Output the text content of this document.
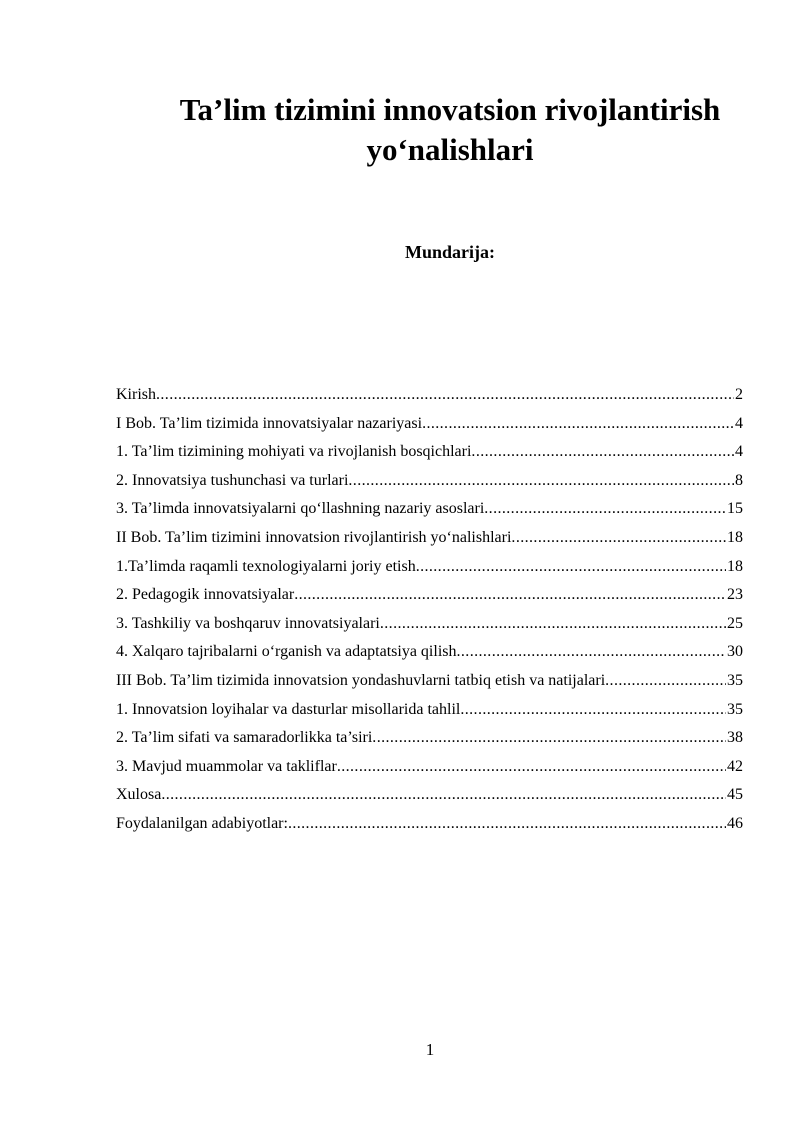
Ta’lim tizimini innovatsion rivojlantirish
yo‘nalishlari
Mundarija:
Kirish .....	2
I Bob. Ta’lim tizimida innovatsiyalar nazariyasi .....	4
1. Ta’lim tizimining mohiyati va rivojlanish bosqichlari .....	4
2. Innovatsiya tushunchasi va turlari .....	8
3. Ta’limda innovatsiyalarni qo‘llashning nazariy asoslari .....	15
II Bob. Ta’lim tizimini innovatsion rivojlantirish yo‘nalishlari .....	18
1.Ta’limda raqamli texnologiyalarni joriy etish .....	18
2. Pedagogik innovatsiyalar .....	23
3. Tashkiliy va boshqaruv innovatsiyalari .....	25
4. Xalqaro tajribalarni o‘rganish va adaptatsiya qilish .....	30
III Bob. Ta’lim tizimida innovatsion yondashuvlarni tatbiq etish va natijalari .....	35
1. Innovatsion loyihalar va dasturlar misollarida tahlil .....	35
2. Ta’lim sifati va samaradorlikka ta’siri .....	38
3. Mavjud muammolar va takliflar .....	42
Xulosa .....	45
Foydalanilgan adabiyotlar: .....	46
1
